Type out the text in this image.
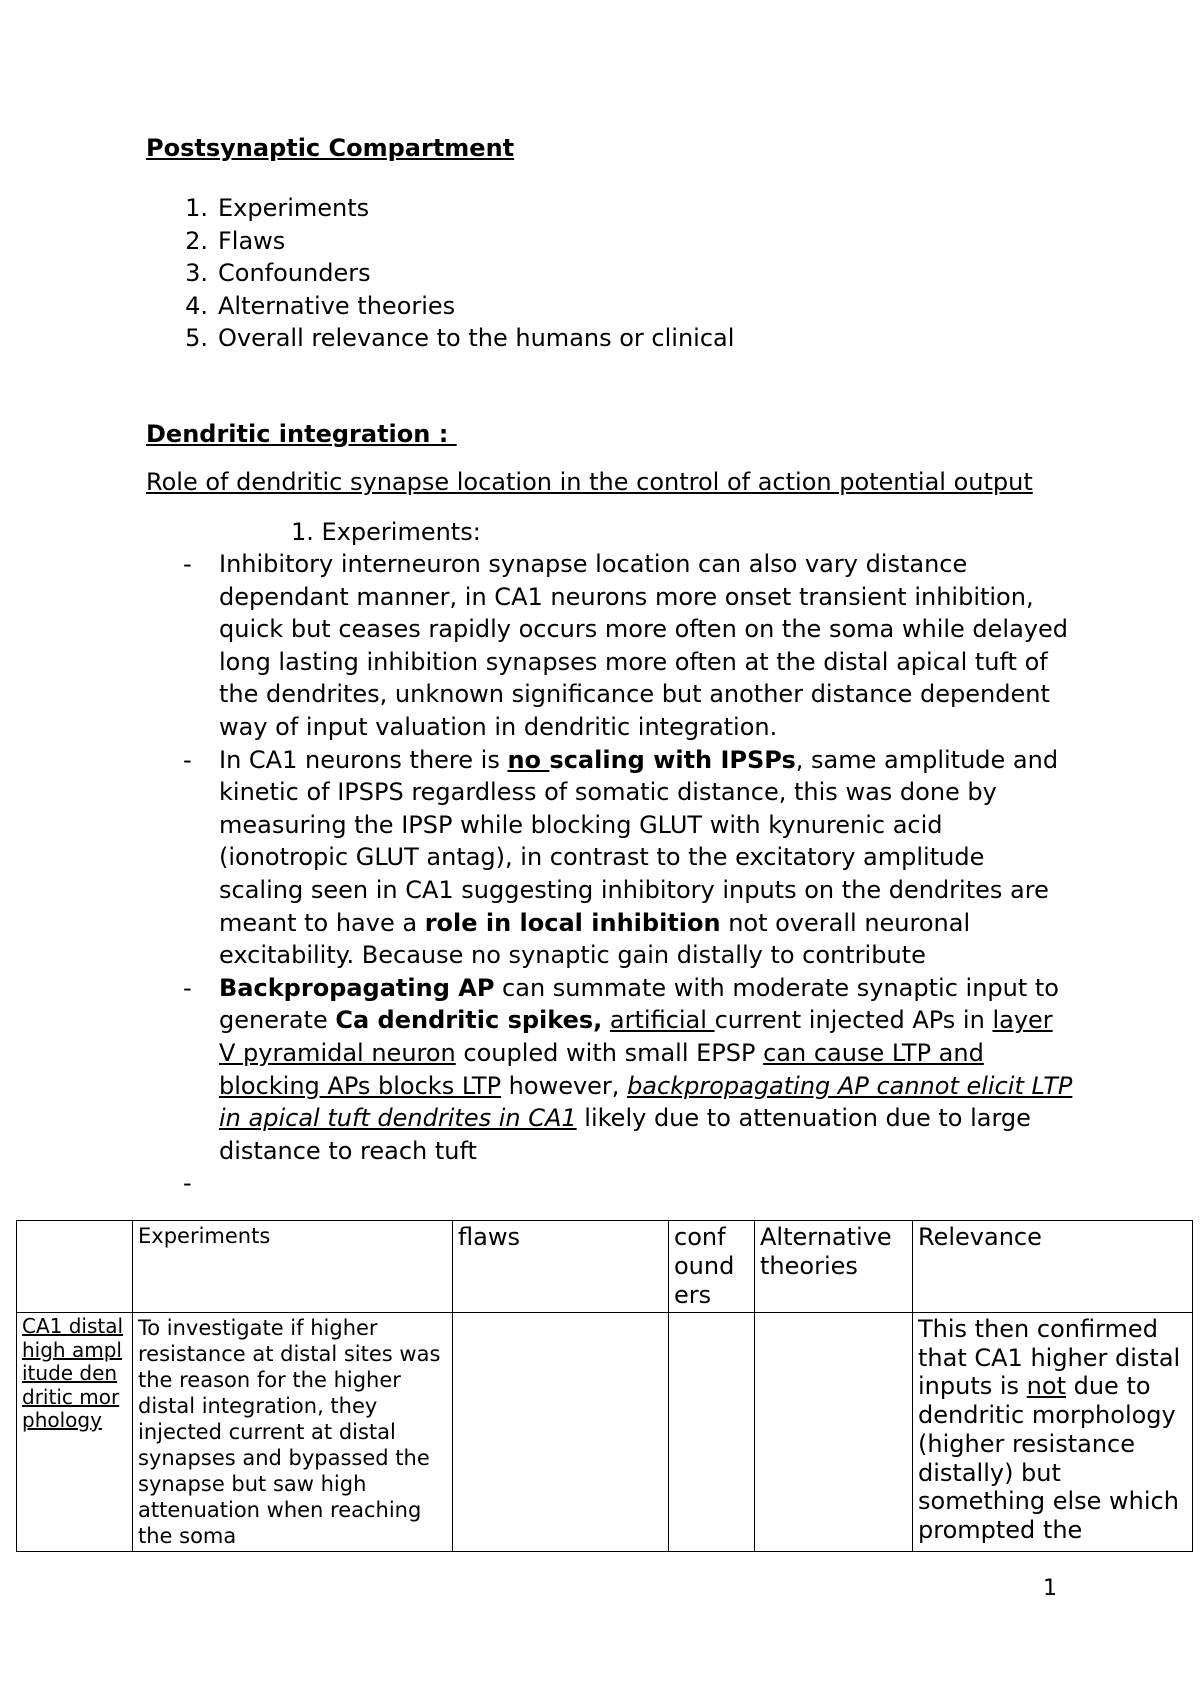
Postsynaptic Compartment
1. Experiments
2. Flaws
3. Confounders
4. Alternative theories
5. Overall relevance to the humans or clinical
Dendritic integration :
Role of dendritic synapse location in the control of action potential output
1. Experiments:
- Inhibitory interneuron synapse location can also vary distance dependant manner, in CA1 neurons more onset transient inhibition, quick but ceases rapidly occurs more often on the soma while delayed long lasting inhibition synapses more often at the distal apical tuft of the dendrites, unknown significance but another distance dependent way of input valuation in dendritic integration.
- In CA1 neurons there is no scaling with IPSPs, same amplitude and kinetic of IPSPS regardless of somatic distance, this was done by measuring the IPSP while blocking GLUT with kynurenic acid (ionotropic GLUT antag), in contrast to the excitatory amplitude scaling seen in CA1 suggesting inhibitory inputs on the dendrites are meant to have a role in local inhibition not overall neuronal excitability. Because no synaptic gain distally to contribute
- Backpropagating AP can summate with moderate synaptic input to generate Ca dendritic spikes, artificial current injected APs in layer V pyramidal neuron coupled with small EPSP can cause LTP and blocking APs blocks LTP however, backpropagating AP cannot elicit LTP in apical tuft dendrites in CA1 likely due to attenuation due to large distance to reach tuft
-
	Experiments	flaws	conf ound ers	Alternative theories	Relevance
CA1 distal high amplitude dendritic morphology	To investigate if higher resistance at distal sites was the reason for the higher distal integration, they injected current at distal synapses and bypassed the synapse but saw high attenuation when reaching the soma				This then confirmed that CA1 higher distal inputs is not due to dendritic morphology (higher resistance distally) but something else which prompted the
1
